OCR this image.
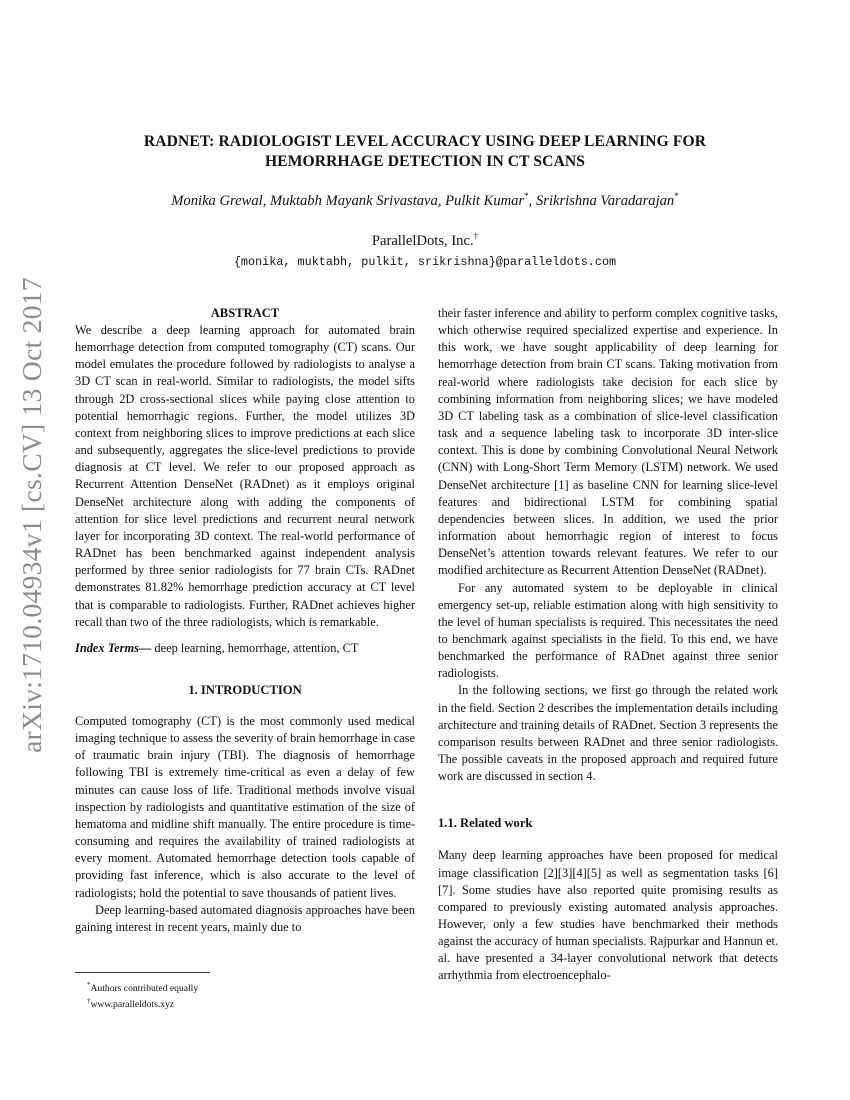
arXiv:1710.04934v1 [cs.CV] 13 Oct 2017
RADNET: RADIOLOGIST LEVEL ACCURACY USING DEEP LEARNING FOR
HEMORRHAGE DETECTION IN CT SCANS
Monika Grewal, Muktabh Mayank Srivastava, Pulkit Kumar*, Srikrishna Varadarajan*
ParallelDots, Inc.†
{monika, muktabh, pulkit, srikrishna}@paralleldots.com
ABSTRACT

We describe a deep learning approach for automated brain hemorrhage detection from computed tomography (CT) scans. Our model emulates the procedure followed by radiologists to analyse a 3D CT scan in real-world. Similar to radiologists, the model sifts through 2D cross-sectional slices while paying close attention to potential hemorrhagic regions. Further, the model utilizes 3D context from neighboring slices to improve predictions at each slice and subsequently, aggregates the slice-level predictions to provide diagnosis at CT level. We refer to our proposed approach as Recurrent Attention DenseNet (RADnet) as it employs original DenseNet architecture along with adding the components of attention for slice level predictions and recurrent neural network layer for incorporating 3D context. The real-world performance of RADnet has been benchmarked against independent analysis performed by three senior radiologists for 77 brain CTs. RADnet demonstrates 81.82% hemorrhage prediction accuracy at CT level that is comparable to radiologists. Further, RADnet achieves higher recall than two of the three radiologists, which is remarkable.

Index Terms— deep learning, hemorrhage, attention, CT

1. INTRODUCTION

Computed tomography (CT) is the most commonly used medical imaging technique to assess the severity of brain hemorrhage in case of traumatic brain injury (TBI). The diagnosis of hemorrhage following TBI is extremely time-critical as even a delay of few minutes can cause loss of life. Traditional methods involve visual inspection by radiologists and quantitative estimation of the size of hematoma and midline shift manually. The entire procedure is time-consuming and requires the availability of trained radiologists at every moment. Automated hemorrhage detection tools capable of providing fast inference, which is also accurate to the level of radiologists; hold the potential to save thousands of patient lives.

Deep learning-based automated diagnosis approaches have been gaining interest in recent years, mainly due to

*Authors contributed equally
†www.paralleldots.xyz

their faster inference and ability to perform complex cognitive tasks, which otherwise required specialized expertise and experience. In this work, we have sought applicability of deep learning for hemorrhage detection from brain CT scans. Taking motivation from real-world where radiologists take decision for each slice by combining information from neighboring slices; we have modeled 3D CT labeling task as a combination of slice-level classification task and a sequence labeling task to incorporate 3D inter-slice context. This is done by combining Convolutional Neural Network (CNN) with Long-Short Term Memory (LSTM) network. We used DenseNet architecture [1] as baseline CNN for learning slice-level features and bidirectional LSTM for combining spatial dependencies between slices. In addition, we used the prior information about hemorrhagic region of interest to focus DenseNet’s attention towards relevant features. We refer to our modified architecture as Recurrent Attention DenseNet (RADnet).

For any automated system to be deployable in clinical emergency set-up, reliable estimation along with high sensitivity to the level of human specialists is required. This necessitates the need to benchmark against specialists in the field. To this end, we have benchmarked the performance of RADnet against three senior radiologists.

In the following sections, we first go through the related work in the field. Section 2 describes the implementation details including architecture and training details of RADnet. Section 3 represents the comparison results between RADnet and three senior radiologists. The possible caveats in the proposed approach and required future work are discussed in section 4.

1.1. Related work

Many deep learning approaches have been proposed for medical image classification [2][3][4][5] as well as segmentation tasks [6][7]. Some studies have also reported quite promising results as compared to previously existing automated analysis approaches. However, only a few studies have benchmarked their methods against the accuracy of human specialists. Rajpurkar and Hannun et. al. have presented a 34-layer convolutional network that detects arrhythmia from electroencephalo-
